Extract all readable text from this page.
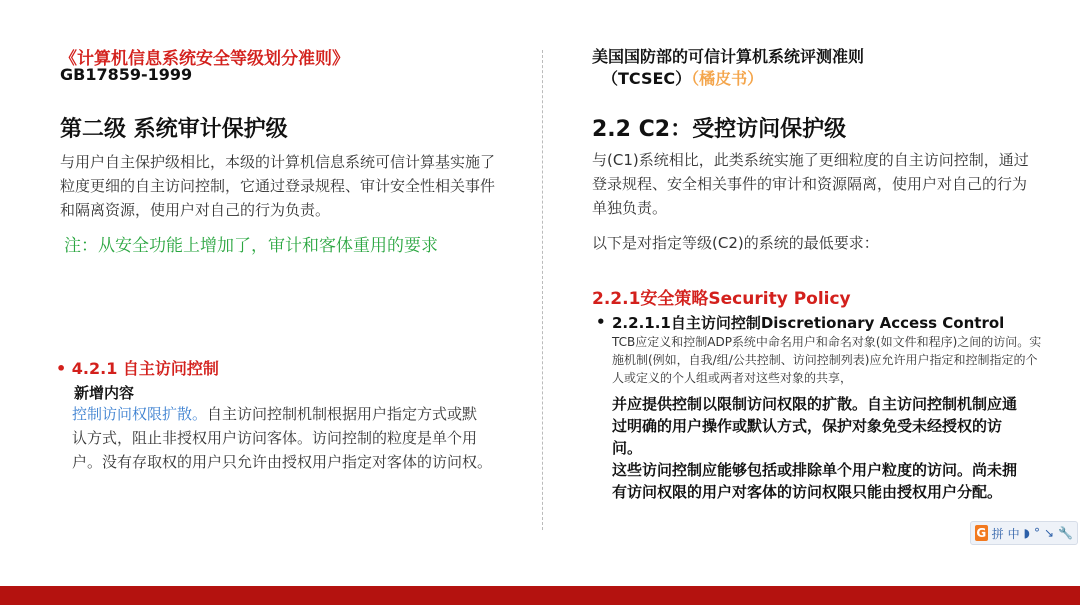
《计算机信息系统安全等级划分准则》
GB17859-1999
第二级 系统审计保护级
与用户自主保护级相比，本级的计算机信息系统可信计算基实施了粒度更细的自主访问控制，它通过登录规程、审计安全性相关事件和隔离资源，使用户对自己的行为负责。
注：从安全功能上增加了，审计和客体重用的要求
• 4.2.1 自主访问控制
新增内容
控制访问权限扩散。自主访问控制机制根据用户指定方式或默认方式，阻止非授权用户访问客体。访问控制的粒度是单个用户。没有存取权的用户只允许由授权用户指定对客体的访问权。
美国国防部的可信计算机系统评测准则
（TCSEC）（橘皮书）
2.2 C2：受控访问保护级
与(C1)系统相比，此类系统实施了更细粒度的自主访问控制，通过登录规程、安全相关事件的审计和资源隔离，使用户对自己的行为单独负责。
以下是对指定等级(C2)的系统的最低要求：
2.2.1安全策略Security Policy
• 2.2.1.1自主访问控制Discretionary Access Control
TCB应定义和控制ADP系统中命名用户和命名对象(如文件和程序)之间的访问。实施机制(例如，自我/组/公共控制、访问控制列表)应允许用户指定和控制指定的个人或定义的个人组或两者对这些对象的共享，
并应提供控制以限制访问权限的扩散。自主访问控制机制应通过明确的用户操作或默认方式，保护对象免受未经授权的访问。
这些访问控制应能够包括或排除单个用户粒度的访问。尚未拥有访问权限的用户对客体的访问权限只能由授权用户分配。
G 拼 中 ◗ ° ↘ 🔧
